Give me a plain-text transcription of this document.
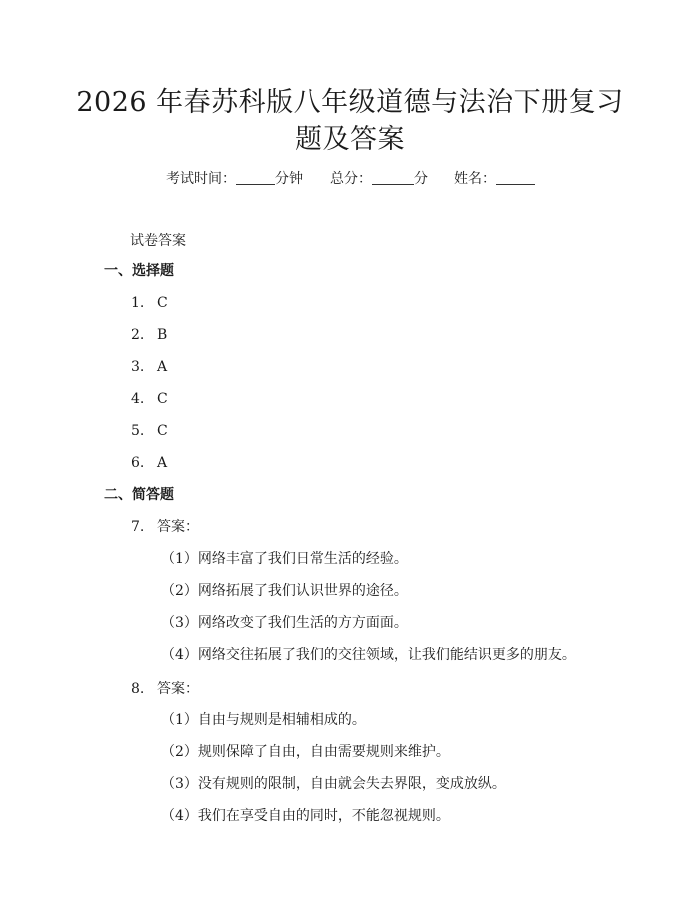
2026 年春苏科版八年级道德与法治下册复习
题及答案
考试时间：	分钟 总分：	分 姓名：
试卷答案
一、选择题
1. C
2. B
3. A
4. C
5. C
6. A
二、简答题
7. 答案：
（1）网络丰富了我们日常生活的经验。
（2）网络拓展了我们认识世界的途径。
（3）网络改变了我们生活的方方面面。
（4）网络交往拓展了我们的交往领域，让我们能结识更多的朋友。
8. 答案：
（1）自由与规则是相辅相成的。
（2）规则保障了自由，自由需要规则来维护。
（3）没有规则的限制，自由就会失去界限，变成放纵。
（4）我们在享受自由的同时，不能忽视规则。
